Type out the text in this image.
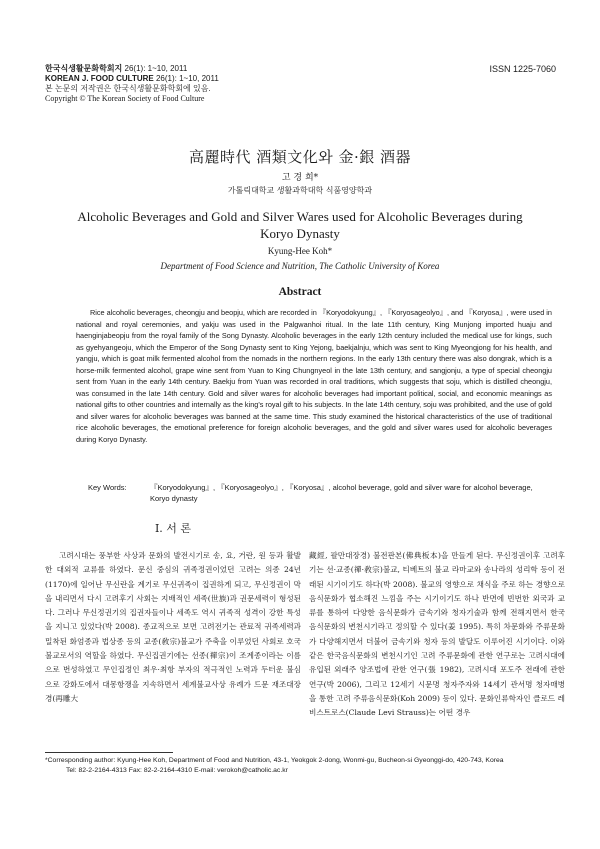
한국식생활문화학회지 26(1): 1~10, 2011
KOREAN J. FOOD CULTURE 26(1): 1~10, 2011
본 논문의 저작권은 한국식생활문화학회에 있음.
Copyright © The Korean Society of Food Culture
ISSN 1225-7060
高麗時代 酒類文化와 金·銀 酒器
고 경 희*
가톨릭대학교 생활과학대학 식품영양학과
Alcoholic Beverages and Gold and Silver Wares used for Alcoholic Beverages during Koryo Dynasty
Kyung-Hee Koh*
Department of Food Science and Nutrition, The Catholic University of Korea
Abstract

Rice alcoholic beverages, cheongju and beopju, which are recorded in 『Koryodokyung』, 『Koryosageolyo』, and 『Koryosa』, were used in national and royal ceremonies, and yakju was used in the Palgwanhoi ritual. In the late 11th century, King Munjong imported huaju and haenginjabeopju from the royal family of the Song Dynasty. Alcoholic beverages in the early 12th century included the medical use for kings, such as gyehyangeoju, which the Emperor of the Song Dynasty sent to King Yejong, baekjalnju, which was sent to King Myeongjong for his health, and yangju, which is goat milk fermented alcohol from the nomads in the northern regions. In the early 13th century there was also dongrak, which is a horse-milk fermented alcohol, grape wine sent from Yuan to King Chungnyeol in the late 13th century, and sangjonju, a type of special cheongju sent from Yuan in the early 14th century. Baekju from Yuan was recorded in oral traditions, which suggests that soju, which is distilled cheongju, was consumed in the late 14th century. Gold and silver wares for alcoholic beverages had important political, social, and economic meanings as national gifts to other countries and internally as the king's royal gift to his subjects. In the late 14th century, soju was prohibited, and the use of gold and silver wares for alcoholic beverages was banned at the same time. This study examined the historical characteristics of the use of traditional rice alcoholic beverages, the emotional preference for foreign alcoholic beverages, and the gold and silver wares used for alcoholic beverages during Koryo Dynasty.

Key Words:	『Koryodokyung』, 『Koryosageolyo』, 『Koryosa』, alcohol beverage, gold and silver ware for alcohol beverage, Koryo dynasty
Ⅰ. 서 론

고려시대는 풍부한 사상과 문화의 발전시기로 송, 요, 거란, 원 등과 활발한 대외적 교류를 하였다. 문신 중심의 귀족정권이었던 고려는 의종 24년(1170)에 일어난 무신란을 계기로 무신귀족이 집권하게 되고, 무신정권이 막을 내리면서 다시 고려후기 사회는 지배적인 세족(世族)과 권문세력이 형성된다. 그러나 무신정권기의 집권자들이나 세족도 역시 귀족적 성격이 강한 특성을 지니고 있었다(박 2008). 종교적으로 보면 고려전기는 관료적 귀족세력과 밀착된 화엄종과 법상종 등의 교종(敎宗)불교가 주축을 이루었던 사회로 호국불교로서의 역할을 하였다. 무신집권기에는 선종(禪宗)이 조계종이라는 이름으로 번성하였고 무인집정인 최우·최항 부자의 적극적인 노력과 두터운 불심으로 강화도에서 대몽항쟁을 지속하면서 세계불교사상 유례가 드문 재조대장경(再雕大

藏經, 팔만대장경) 불전판본(佛典板本)을 만들게 된다. 무신정권이후 고려후기는 선·교종(禪·敎宗)불교, 티베트의 불교 라마교와 송나라의 성리학 등이 전래된 시기이기도 하다(박 2008). 불교의 영향으로 채식을 주로 하는 경향으로 음식문화가 협소해진 느낌을 주는 시기이기도 하나 반면에 빈번한 외국과 교류를 통하여 다양한 음식문화가 금속기와 청자기술과 함께 전해지면서 한국 음식문화의 변천시기라고 정의할 수 있다(姜 1995). 특히 차문화와 주류문화가 다양해지면서 더불어 금속기와 청자 등의 발달도 이루어진 시기이다. 이와 같은 한국음식문화의 변천시기인 고려 주류문화에 관한 연구로는 고려시대에 유입된 외래주 양조법에 관한 연구(張 1982), 고려시대 포도주 전래에 관한 연구(박 2006), 그리고 12세기 시문명 청자주자와 14세기 관서명 청자매병을 통한 고려 주류음식문화(Koh 2009) 등이 있다. 문화인류학자인 클로드 레비스트로스(Claude Levi Strauss)는 어떤 경우

*Corresponding author: Kyung-Hee Koh, Department of Food and Nutrition, 43-1, Yeokgok 2-dong, Wonmi-gu, Bucheon-si Gyeonggi-do, 420-743, Korea
Tel: 82-2-2164-4313 Fax: 82-2-2164-4310 E-mail: verokoh@catholic.ac.kr
